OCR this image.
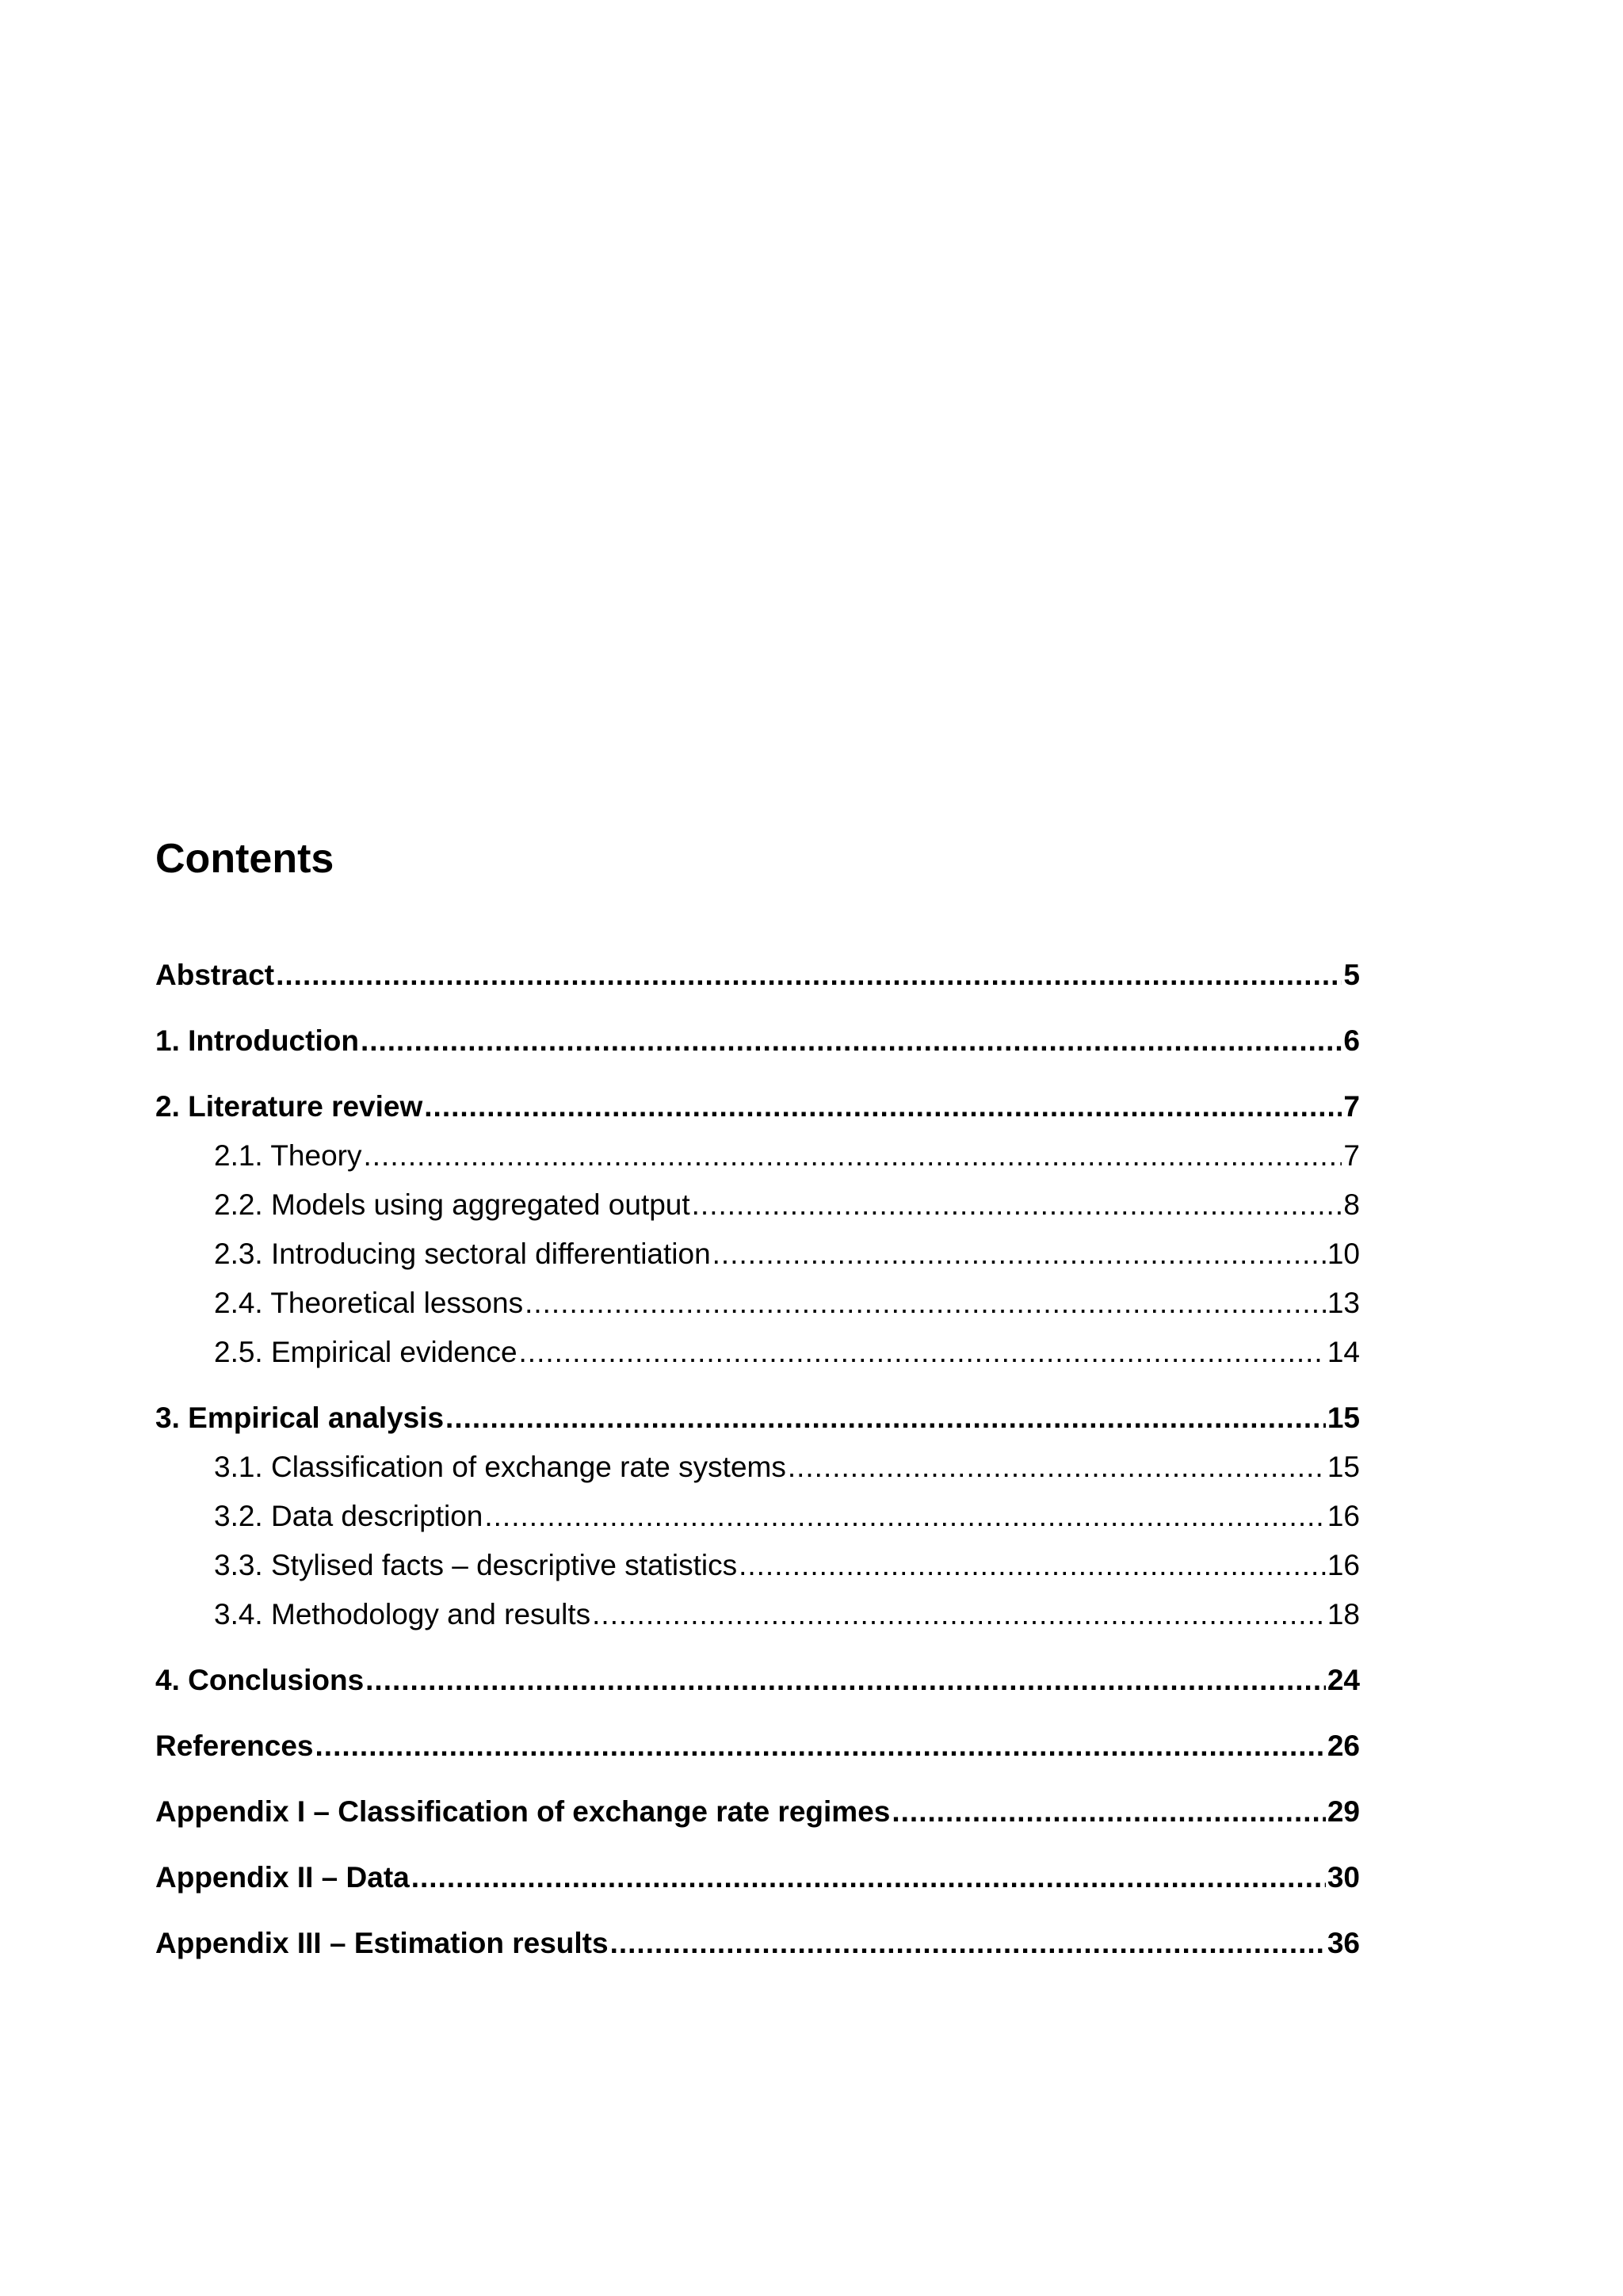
Contents
Abstract .....	5
1. Introduction .....	6
2. Literature review .....	7
2.1. Theory .....	7
2.2. Models using aggregated output .....	8
2.3. Introducing sectoral differentiation .....	10
2.4. Theoretical lessons .....	13
2.5. Empirical evidence .....	14
3. Empirical analysis .....	15
3.1. Classification of exchange rate systems .....	15
3.2. Data description .....	16
3.3. Stylised facts – descriptive statistics .....	16
3.4. Methodology and results .....	18
4. Conclusions .....	24
References .....	26
Appendix I – Classification of exchange rate regimes .....	29
Appendix II – Data .....	30
Appendix III – Estimation results .....	36
